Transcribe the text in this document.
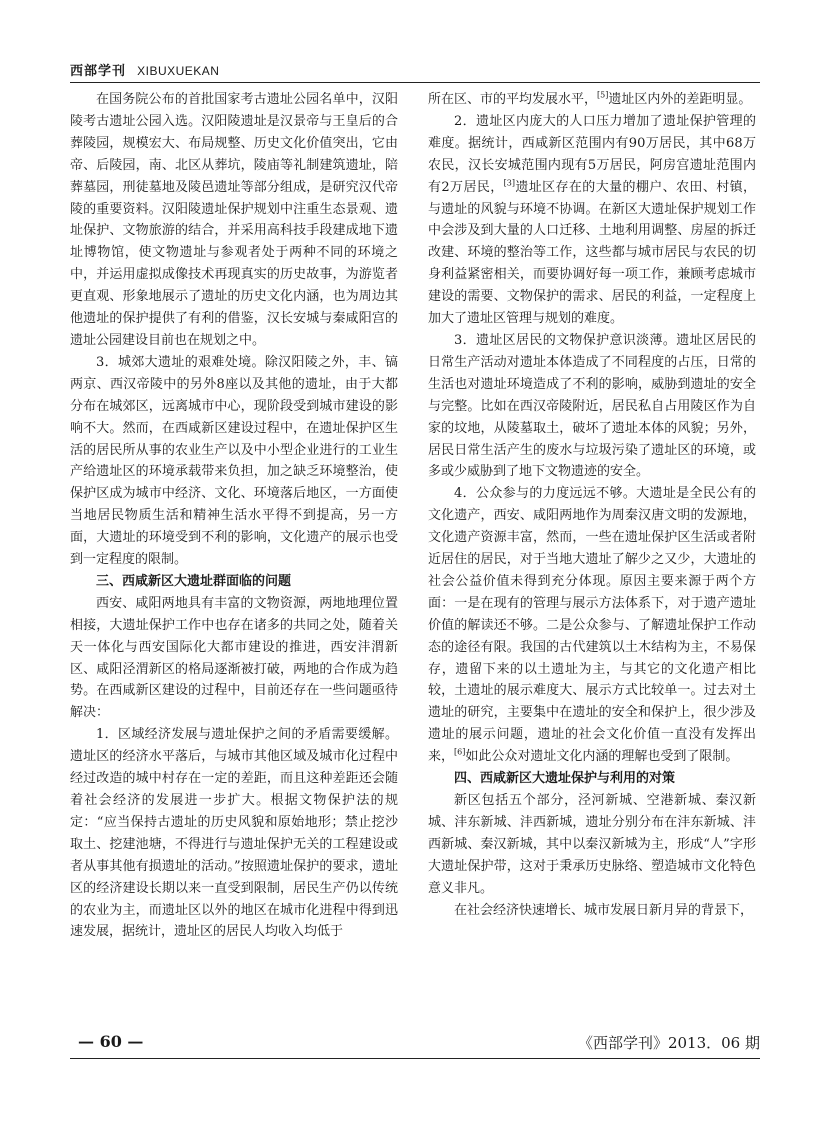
西部学刊 XIBUXUEKAN

在国务院公布的首批国家考古遗址公园名单中，汉阳陵考古遗址公园入选。汉阳陵遗址是汉景帝与王皇后的合葬陵园，规模宏大、布局规整、历史文化价值突出，它由帝、后陵园，南、北区从葬坑，陵庙等礼制建筑遗址，陪葬墓园，刑徒墓地及陵邑遗址等部分组成，是研究汉代帝陵的重要资料。汉阳陵遗址保护规划中注重生态景观、遗址保护、文物旅游的结合，并采用高科技手段建成地下遗址博物馆，使文物遗址与参观者处于两种不同的环境之中，并运用虚拟成像技术再现真实的历史故事，为游览者更直观、形象地展示了遗址的历史文化内涵，也为周边其他遗址的保护提供了有利的借鉴，汉长安城与秦咸阳宫的遗址公园建设目前也在规划之中。

3．城郊大遗址的艰难处境。除汉阳陵之外，丰、镐两京、西汉帝陵中的另外8座以及其他的遗址，由于大都分布在城郊区，远离城市中心，现阶段受到城市建设的影响不大。然而，在西咸新区建设过程中，在遗址保护区生活的居民所从事的农业生产以及中小型企业进行的工业生产给遗址区的环境承载带来负担，加之缺乏环境整治，使保护区成为城市中经济、文化、环境落后地区，一方面使当地居民物质生活和精神生活水平得不到提高，另一方面，大遗址的环境受到不利的影响，文化遗产的展示也受到一定程度的限制。

三、西咸新区大遗址群面临的问题

西安、咸阳两地具有丰富的文物资源，两地地理位置相接，大遗址保护工作中也存在诸多的共同之处，随着关天一体化与西安国际化大都市建设的推进，西安沣渭新区、咸阳泾渭新区的格局逐渐被打破，两地的合作成为趋势。在西咸新区建设的过程中，目前还存在一些问题亟待解决：

1．区域经济发展与遗址保护之间的矛盾需要缓解。遗址区的经济水平落后，与城市其他区域及城市化过程中经过改造的城中村存在一定的差距，而且这种差距还会随着社会经济的发展进一步扩大。根据文物保护法的规定：“应当保持古遗址的历史风貌和原始地形；禁止挖沙取土、挖建池塘，不得进行与遗址保护无关的工程建设或者从事其他有损遗址的活动。”按照遗址保护的要求，遗址区的经济建设长期以来一直受到限制，居民生产仍以传统的农业为主，而遗址区以外的地区在城市化进程中得到迅速发展，据统计，遗址区的居民人均收入均低于

所在区、市的平均发展水平，[5]遗址区内外的差距明显。

2．遗址区内庞大的人口压力增加了遗址保护管理的难度。据统计，西咸新区范围内有90万居民，其中68万农民，汉长安城范围内现有5万居民，阿房宫遗址范围内有2万居民，[3]遗址区存在的大量的棚户、农田、村镇，与遗址的风貌与环境不协调。在新区大遗址保护规划工作中会涉及到大量的人口迁移、土地利用调整、房屋的拆迁改建、环境的整治等工作，这些都与城市居民与农民的切身利益紧密相关，而要协调好每一项工作，兼顾考虑城市建设的需要、文物保护的需求、居民的利益，一定程度上加大了遗址区管理与规划的难度。

3．遗址区居民的文物保护意识淡薄。遗址区居民的日常生产活动对遗址本体造成了不同程度的占压，日常的生活也对遗址环境造成了不利的影响，威胁到遗址的安全与完整。比如在西汉帝陵附近，居民私自占用陵区作为自家的坟地，从陵墓取土，破坏了遗址本体的风貌；另外，居民日常生活产生的废水与垃圾污染了遗址区的环境，或多或少威胁到了地下文物遗迹的安全。

4．公众参与的力度远远不够。大遗址是全民公有的文化遗产，西安、咸阳两地作为周秦汉唐文明的发源地，文化遗产资源丰富，然而，一些在遗址保护区生活或者附近居住的居民，对于当地大遗址了解少之又少，大遗址的社会公益价值未得到充分体现。原因主要来源于两个方面：一是在现有的管理与展示方法体系下，对于遗产遗址价值的解读还不够。二是公众参与、了解遗址保护工作动态的途径有限。我国的古代建筑以土木结构为主，不易保存，遗留下来的以土遗址为主，与其它的文化遗产相比较，土遗址的展示难度大、展示方式比较单一。过去对土遗址的研究，主要集中在遗址的安全和保护上，很少涉及遗址的展示问题，遗址的社会文化价值一直没有发挥出来，[6]如此公众对遗址文化内涵的理解也受到了限制。

四、西咸新区大遗址保护与利用的对策

新区包括五个部分，泾河新城、空港新城、秦汉新城、沣东新城、沣西新城，遗址分别分布在沣东新城、沣西新城、秦汉新城，其中以秦汉新城为主，形成“人”字形大遗址保护带，这对于秉承历史脉络、塑造城市文化特色意义非凡。

在社会经济快速增长、城市发展日新月异的背景下，

— 60 —	《西部学刊》2013．06 期
